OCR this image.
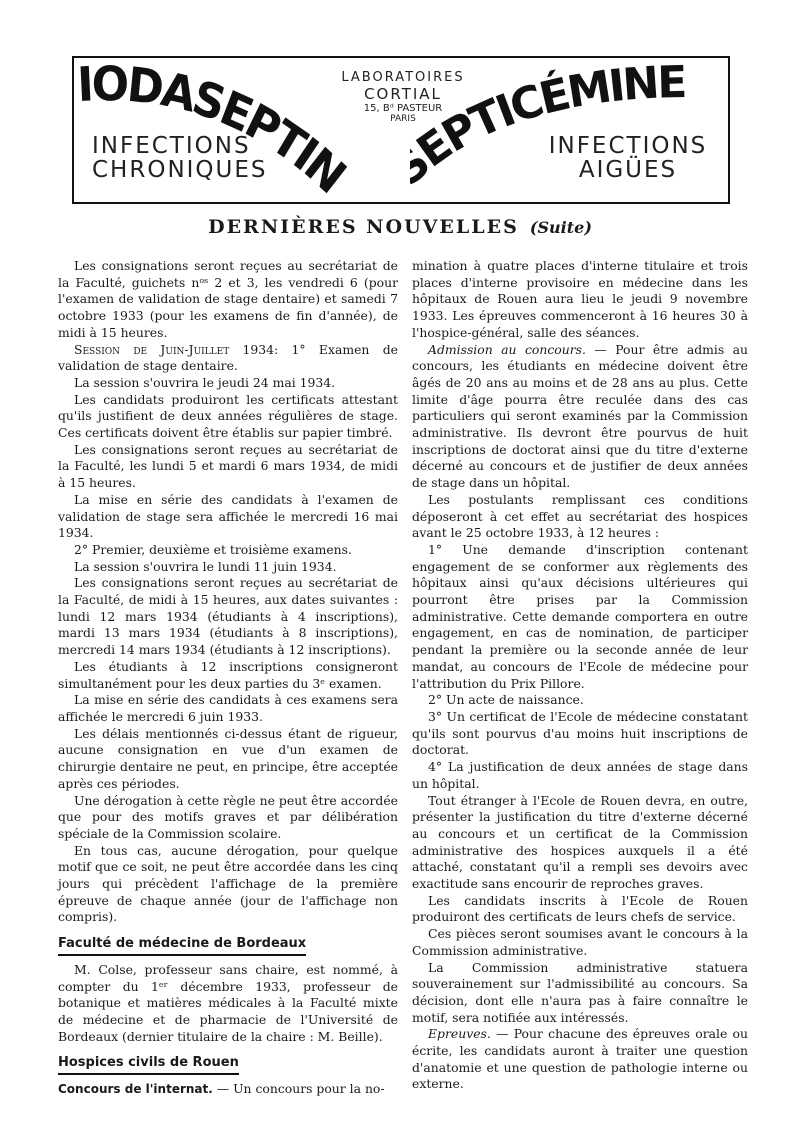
IODASEPTIN	EPTICÉMINE
LABORATOIRES
CORTIAL
15, Bᵈ PASTEUR
PARIS
INFECTIONS
CHRONIQUES
INFECTIONS
AIGÜES
DERNIÈRES NOUVELLES (Suite)

Les consignations seront reçues au secrétariat de la Faculté, guichets nᵒˢ 2 et 3, les vendredi 6 (pour l'examen de validation de stage dentaire) et samedi 7 octobre 1933 (pour les examens de fin d'année), de midi à 15 heures.

Session de Juin-Juillet 1934: 1° Examen de validation de stage dentaire.

La session s'ouvrira le jeudi 24 mai 1934.

Les candidats produiront les certificats attestant qu'ils justifient de deux années régulières de stage. Ces certificats doivent être établis sur papier timbré.

Les consignations seront reçues au secrétariat de la Faculté, les lundi 5 et mardi 6 mars 1934, de midi à 15 heures.

La mise en série des candidats à l'examen de validation de stage sera affichée le mercredi 16 mai 1934.

2° Premier, deuxième et troisième examens.

La session s'ouvrira le lundi 11 juin 1934.

Les consignations seront reçues au secrétariat de la Faculté, de midi à 15 heures, aux dates suivantes : lundi 12 mars 1934 (étudiants à 4 inscriptions), mardi 13 mars 1934 (étudiants à 8 inscriptions), mercredi 14 mars 1934 (étudiants à 12 inscriptions).

Les étudiants à 12 inscriptions consigneront simultanément pour les deux parties du 3ᵉ examen.

La mise en série des candidats à ces examens sera affichée le mercredi 6 juin 1933.

Les délais mentionnés ci-dessus étant de rigueur, aucune consignation en vue d'un examen de chirurgie dentaire ne peut, en principe, être acceptée après ces périodes.

Une dérogation à cette règle ne peut être accordée que pour des motifs graves et par délibération spéciale de la Commission scolaire.

En tous cas, aucune dérogation, pour quelque motif que ce soit, ne peut être accordée dans les cinq jours qui précèdent l'affichage de la première épreuve de chaque année (jour de l'affichage non compris).

Faculté de médecine de Bordeaux

M. Colse, professeur sans chaire, est nommé, à compter du 1ᵉʳ décembre 1933, professeur de botanique et matières médicales à la Faculté mixte de médecine et de pharmacie de l'Université de Bordeaux (dernier titulaire de la chaire : M. Beille).

Hospices civils de Rouen

Concours de l'internat. — Un concours pour la no-

mination à quatre places d'interne titulaire et trois places d'interne provisoire en médecine dans les hôpitaux de Rouen aura lieu le jeudi 9 novembre 1933. Les épreuves commenceront à 16 heures 30 à l'hospice-général, salle des séances.

Admission au concours. — Pour être admis au concours, les étudiants en médecine doivent être âgés de 20 ans au moins et de 28 ans au plus. Cette limite d'âge pourra être reculée dans des cas particuliers qui seront examinés par la Commission administrative. Ils devront être pourvus de huit inscriptions de doctorat ainsi que du titre d'externe décerné au concours et de justifier de deux années de stage dans un hôpital.

Les postulants remplissant ces conditions déposeront à cet effet au secrétariat des hospices avant le 25 octobre 1933, à 12 heures :

1° Une demande d'inscription contenant engagement de se conformer aux règlements des hôpitaux ainsi qu'aux décisions ultérieures qui pourront être prises par la Commission administrative. Cette demande comportera en outre engagement, en cas de nomination, de participer pendant la première ou la seconde année de leur mandat, au concours de l'Ecole de médecine pour l'attribution du Prix Pillore.

2° Un acte de naissance.

3° Un certificat de l'Ecole de médecine constatant qu'ils sont pourvus d'au moins huit inscriptions de doctorat.

4° La justification de deux années de stage dans un hôpital.

Tout étranger à l'Ecole de Rouen devra, en outre, présenter la justification du titre d'externe décerné au concours et un certificat de la Commission administrative des hospices auxquels il a été attaché, constatant qu'il a rempli ses devoirs avec exactitude sans encourir de reproches graves.

Les candidats inscrits à l'Ecole de Rouen produiront des certificats de leurs chefs de service.

Ces pièces seront soumises avant le concours à la Commission administrative.

La Commission administrative statuera souverainement sur l'admissibilité au concours. Sa décision, dont elle n'aura pas à faire connaître le motif, sera notifiée aux intéressés.

Epreuves. — Pour chacune des épreuves orale ou écrite, les candidats auront à traiter une question d'anatomie et une question de pathologie interne ou externe.
